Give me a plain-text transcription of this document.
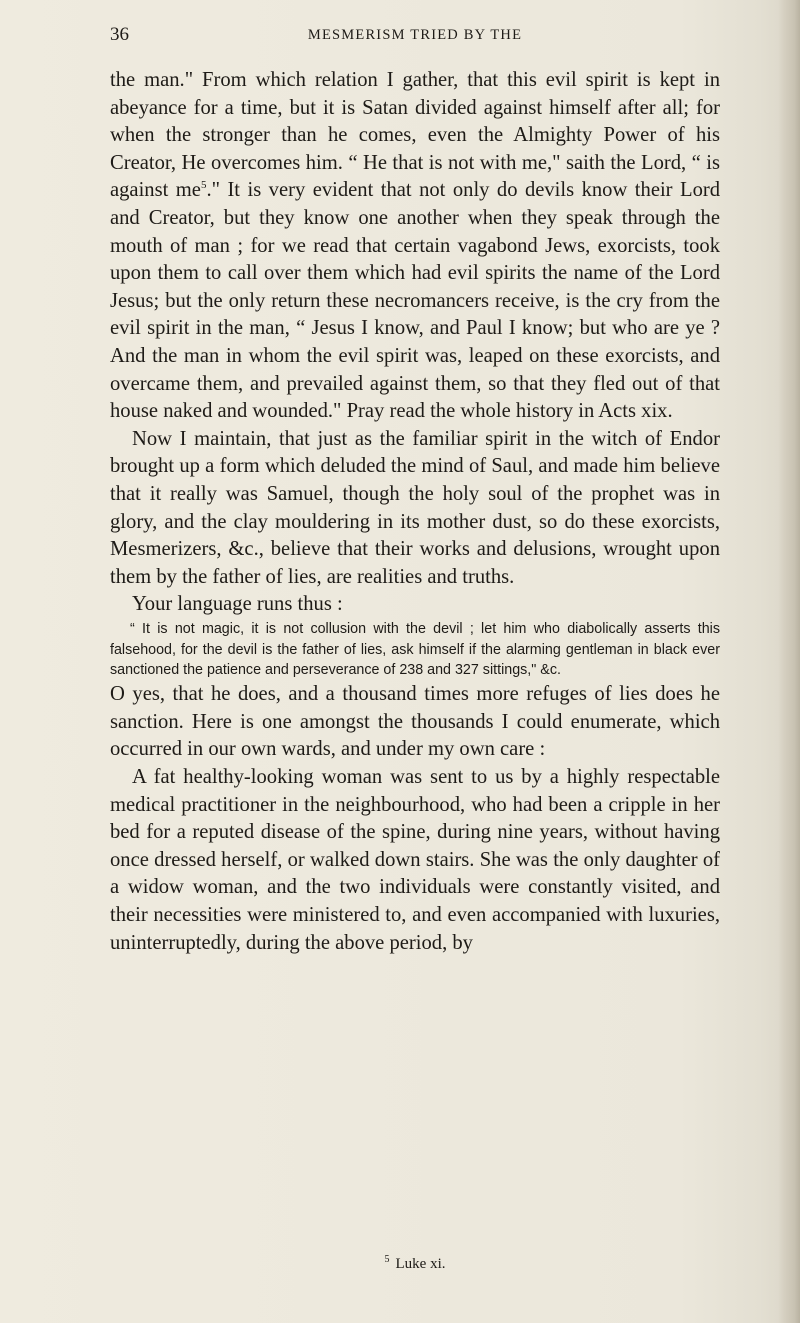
36	MESMERISM TRIED BY THE

the man." From which relation I gather, that this evil spirit is kept in abeyance for a time, but it is Satan divided against himself after all; for when the stronger than he comes, even the Almighty Power of his Creator, He overcomes him. “ He that is not with me," saith the Lord, “ is against me$^5$." It is very evident that not only do devils know their Lord and Creator, but they know one another when they speak through the mouth of man ; for we read that certain vagabond Jews, exorcists, took upon them to call over them which had evil spirits the name of the Lord Jesus; but the only return these necromancers receive, is the cry from the evil spirit in the man, “ Jesus I know, and Paul I know; but who are ye ? And the man in whom the evil spirit was, leaped on these exorcists, and overcame them, and prevailed against them, so that they fled out of that house naked and wounded." Pray read the whole history in Acts xix.

Now I maintain, that just as the familiar spirit in the witch of Endor brought up a form which deluded the mind of Saul, and made him believe that it really was Samuel, though the holy soul of the prophet was in glory, and the clay mouldering in its mother dust, so do these exorcists, Mesmerizers, &c., believe that their works and delusions, wrought upon them by the father of lies, are realities and truths.

Your language runs thus :

“ It is not magic, it is not collusion with the devil ; let him who diabolically asserts this falsehood, for the devil is the father of lies, ask himself if the alarming gentleman in black ever sanctioned the patience and perseverance of 238 and 327 sittings," &c.

O yes, that he does, and a thousand times more refuges of lies does he sanction. Here is one amongst the thousands I could enumerate, which occurred in our own wards, and under my own care :

A fat healthy-looking woman was sent to us by a highly respectable medical practitioner in the neighbourhood, who had been a cripple in her bed for a reputed disease of the spine, during nine years, without having once dressed herself, or walked down stairs. She was the only daughter of a widow woman, and the two individuals were constantly visited, and their necessities were ministered to, and even accompanied with luxuries, uninterruptedly, during the above period, by

$^5$ Luke xi.
